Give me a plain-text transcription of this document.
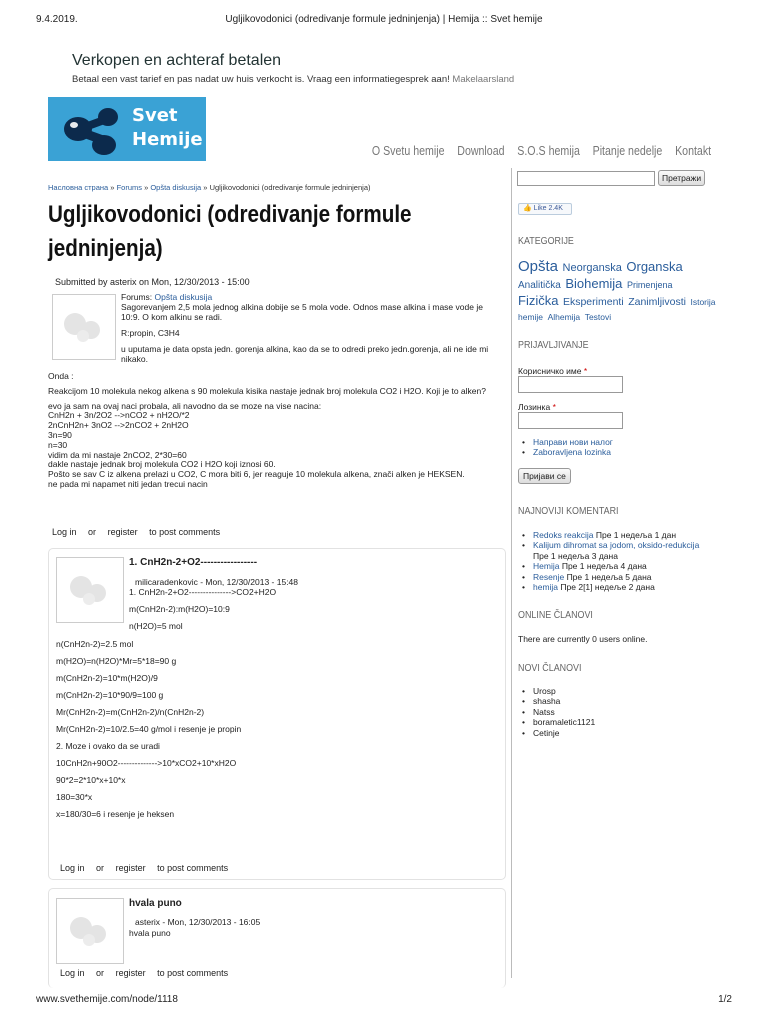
9.4.2019.	Ugljikovodonici (odredivanje formule jedninjenja) | Hemija :: Svet hemije
Verkopen en achteraf betalen
Betaal een vast tarief en pas nadat uw huis verkocht is. Vraag een informatiegesprek aan! Makelaarsland
Svet
Hemije
O Svetu hemije Download S.O.S hemija Pitanje nedelje Kontakt
Насловна страна » Forums » Opšta diskusija » Ugljikovodonici (odredivanje formule jedninjenja)
Ugljikovodonici (odredivanje formule jedninjenja)
Submitted by asterix on Mon, 12/30/2013 - 15:00
Forums: Opšta diskusija

Sagorevanjem 2,5 mola jednog alkina dobije se 5 mola vode. Odnos mase alkina i mase vode je 10:9. O kom alkinu se radi.

R:propin, C3H4

u uputama je data opsta jedn. gorenja alkina, kao da se to odredi preko jedn.gorenja, ali ne ide mi nikako.

Onda :
Reakcijom 10 molekula nekog alkena s 90 molekula kisika nastaje jednak broj molekula CO2 i H2O. Koji je to alken?
evo ja sam na ovaj naci probala, ali navodno da se moze na vise nacina:
CnH2n + 3n/2O2 -->nCO2 + nH2O/*2
2nCnH2n+ 3nO2 -->2nCO2 + 2nH2O
3n=90
n=30
vidim da mi nastaje 2nCO2, 2*30=60
dakle nastaje jednak broj molekula CO2 i H2O koji iznosi 60.
Pošto se sav C iz alkena prelazi u CO2, C mora biti 6, jer reaguje 10 molekula alkena, znači alken je HEKSEN.
ne pada mi napamet niti jedan trecui nacin
Log in or register to post comments
1. CnH2n-2+O2-----------------
milicaradenkovic - Mon, 12/30/2013 - 15:48
1. CnH2n-2+O2--------------->CO2+H2O
m(CnH2n-2):m(H2O)=10:9
n(H2O)=5 mol
n(CnH2n-2)=2.5 mol
m(H2O)=n(H2O)*Mr=5*18=90 g
m(CnH2n-2)=10*m(H2O)/9
m(CnH2n-2)=10*90/9=100 g
Mr(CnH2n-2)=m(CnH2n-2)/n(CnH2n-2)
Mr(CnH2n-2)=10/2.5=40 g/mol i resenje je propin
2. Moze i ovako da se uradi
10CnH2n+90O2-------------->10*xCO2+10*xH2O
90*2=2*10*x+10*x
180=30*x
x=180/30=6 i resenje je heksen
Log in or register to post comments
hvala puno
asterix - Mon, 12/30/2013 - 16:05
hvala puno
Log in or register to post comments
Претражи
👍 Like 2.4K
KATEGORIJE
Opšta Neorganska Organska Analitička Biohemija Primenjena Fizička Eksperimenti Zanimljivosti Istorija hemije Alhemija Testovi
PRIJAVLJIVANJE
Корисничко име *
Лозинка *
• Направи нови налог
• Zaboravljena lozinka
Пријави се
NAJNOVIJI KOMENTARI
• Redoks reakcija Пре 1 недеља 1 дан
• Kalijum dihromat sa jodom, oksido-redukcija Пре 1 недеља 3 дана
• Hemija Пре 1 недеља 4 дана
• Resenje Пре 1 недеља 5 дана
• hemija Пре 2[1] недеље 2 дана
ONLINE ČLANOVI
There are currently 0 users online.
NOVI ČLANOVI
• Urosp
• shasha
• Natss
• boramaletic1121
• Cetinje
www.svethemije.com/node/1118	1/2
